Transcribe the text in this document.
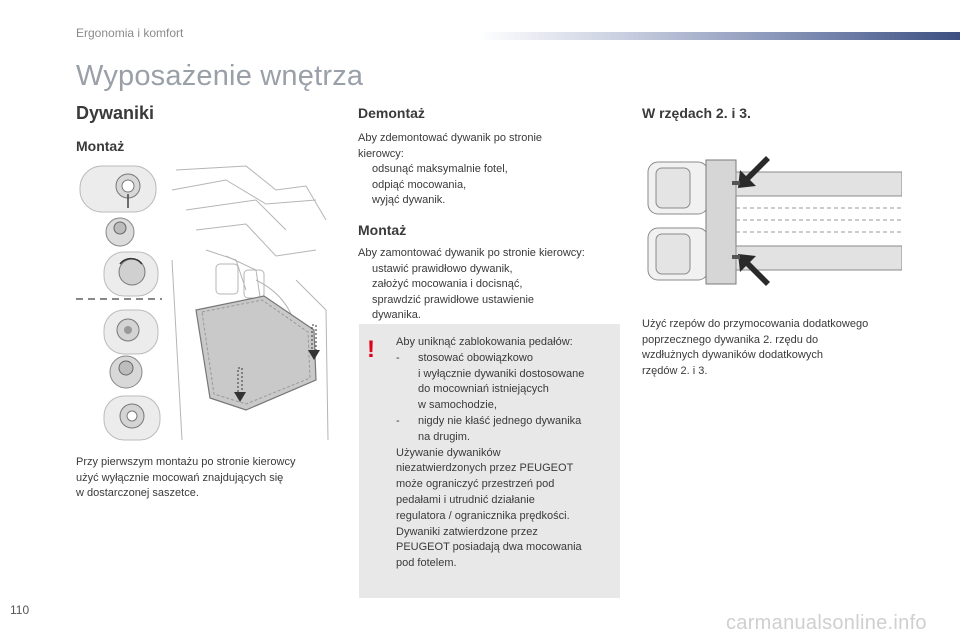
Ergonomia i komfort
Wyposażenie wnętrza
Dywaniki
Montaż

Przy pierwszym montażu po stronie kierowcy

użyć wyłącznie mocowań znajdujących się

w dostarczonej saszetce.

Demontaż

Aby zdemontować dywanik po stronie

kierowcy:

odsunąć maksymalnie fotel,
odpiąć mocowania,
wyjąć dywanik.
Montaż

Aby zamontować dywanik po stronie kierowcy:

ustawić prawidłowo dywanik,
założyć mocowania i docisnąć,
sprawdzić prawidłowe ustawienie
dywanika.
! Aby uniknąć zablokowania pedałów:

-	stosować obowiązkowo

i wyłącznie dywaniki dostosowane

do mocowniań istniejących

w samochodzie,

-	nigdy nie kłaść jednego dywanika

na drugim.

Używanie dywaników

niezatwierdzonych przez PEUGEOT

może ograniczyć przestrzeń pod

pedałami i utrudnić działanie

regulatora / ogranicznika prędkości.

Dywaniki zatwierdzone przez

PEUGEOT posiadają dwa mocowania

pod fotelem.

W rzędach 2. i 3.

Użyć rzepów do przymocowania dodatkowego

poprzecznego dywanika 2. rzędu do

wzdłużnych dywaników dodatkowych

rzędów 2. i 3.

110
carmanualsonline.info
